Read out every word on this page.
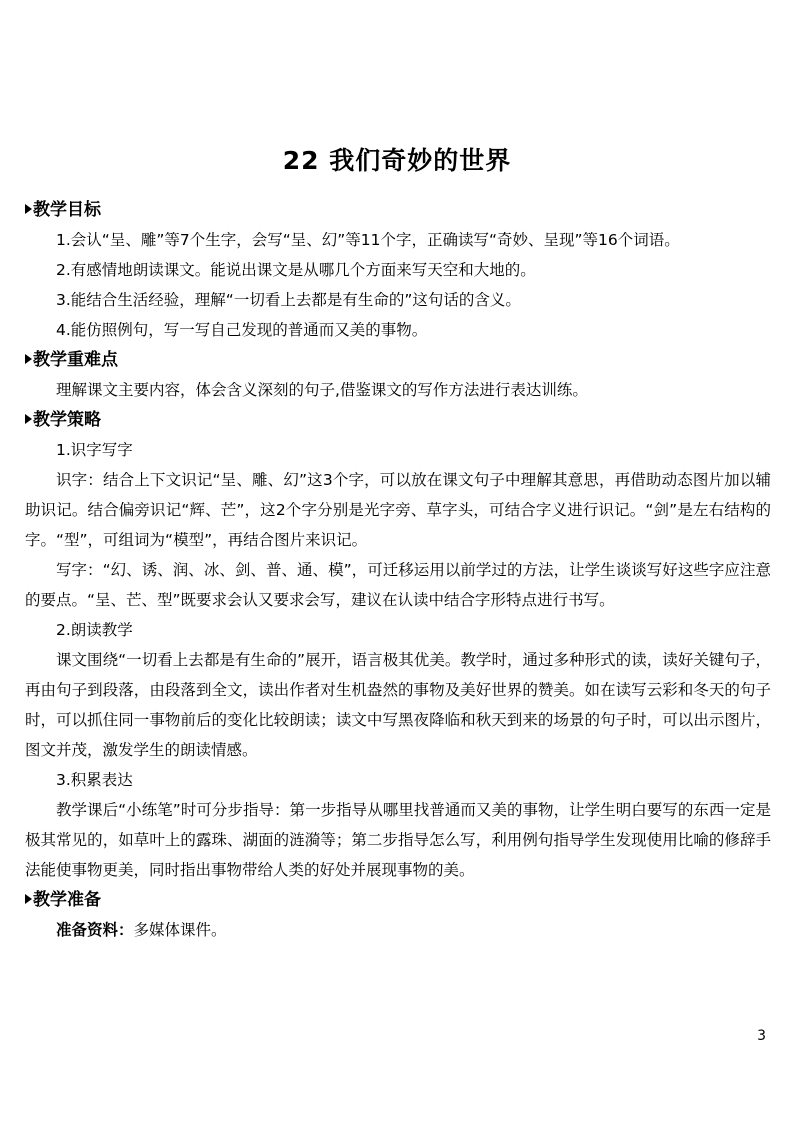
22 我们奇妙的世界
教学目标

1.会认“呈、雕”等7个生字，会写“呈、幻”等11个字，正确读写“奇妙、呈现”等16个词语。

2.有感情地朗读课文。能说出课文是从哪几个方面来写天空和大地的。

3.能结合生活经验，理解“一切看上去都是有生命的”这句话的含义。

4.能仿照例句，写一写自己发现的普通而又美的事物。

教学重难点

理解课文主要内容，体会含义深刻的句子,借鉴课文的写作方法进行表达训练。

教学策略

1.识字写字

识字：结合上下文识记“呈、雕、幻”这3个字，可以放在课文句子中理解其意思，再借助动态图片加以辅助识记。结合偏旁识记“辉、芒”，这2个字分别是光字旁、草字头，可结合字义进行识记。“剑”是左右结构的字。“型”，可组词为“模型”，再结合图片来识记。

写字：“幻、诱、润、冰、剑、普、通、模”，可迁移运用以前学过的方法，让学生谈谈写好这些字应注意的要点。“呈、芒、型”既要求会认又要求会写，建议在认读中结合字形特点进行书写。

2.朗读教学

课文围绕“一切看上去都是有生命的”展开，语言极其优美。教学时，通过多种形式的读，读好关键句子，再由句子到段落，由段落到全文，读出作者对生机盎然的事物及美好世界的赞美。如在读写云彩和冬天的句子时，可以抓住同一事物前后的变化比较朗读；读文中写黑夜降临和秋天到来的场景的句子时，可以出示图片，图文并茂，激发学生的朗读情感。

3.积累表达

教学课后“小练笔”时可分步指导：第一步指导从哪里找普通而又美的事物，让学生明白要写的东西一定是极其常见的，如草叶上的露珠、湖面的涟漪等；第二步指导怎么写，利用例句指导学生发现使用比喻的修辞手法能使事物更美，同时指出事物带给人类的好处并展现事物的美。

教学准备

准备资料：多媒体课件。

3
